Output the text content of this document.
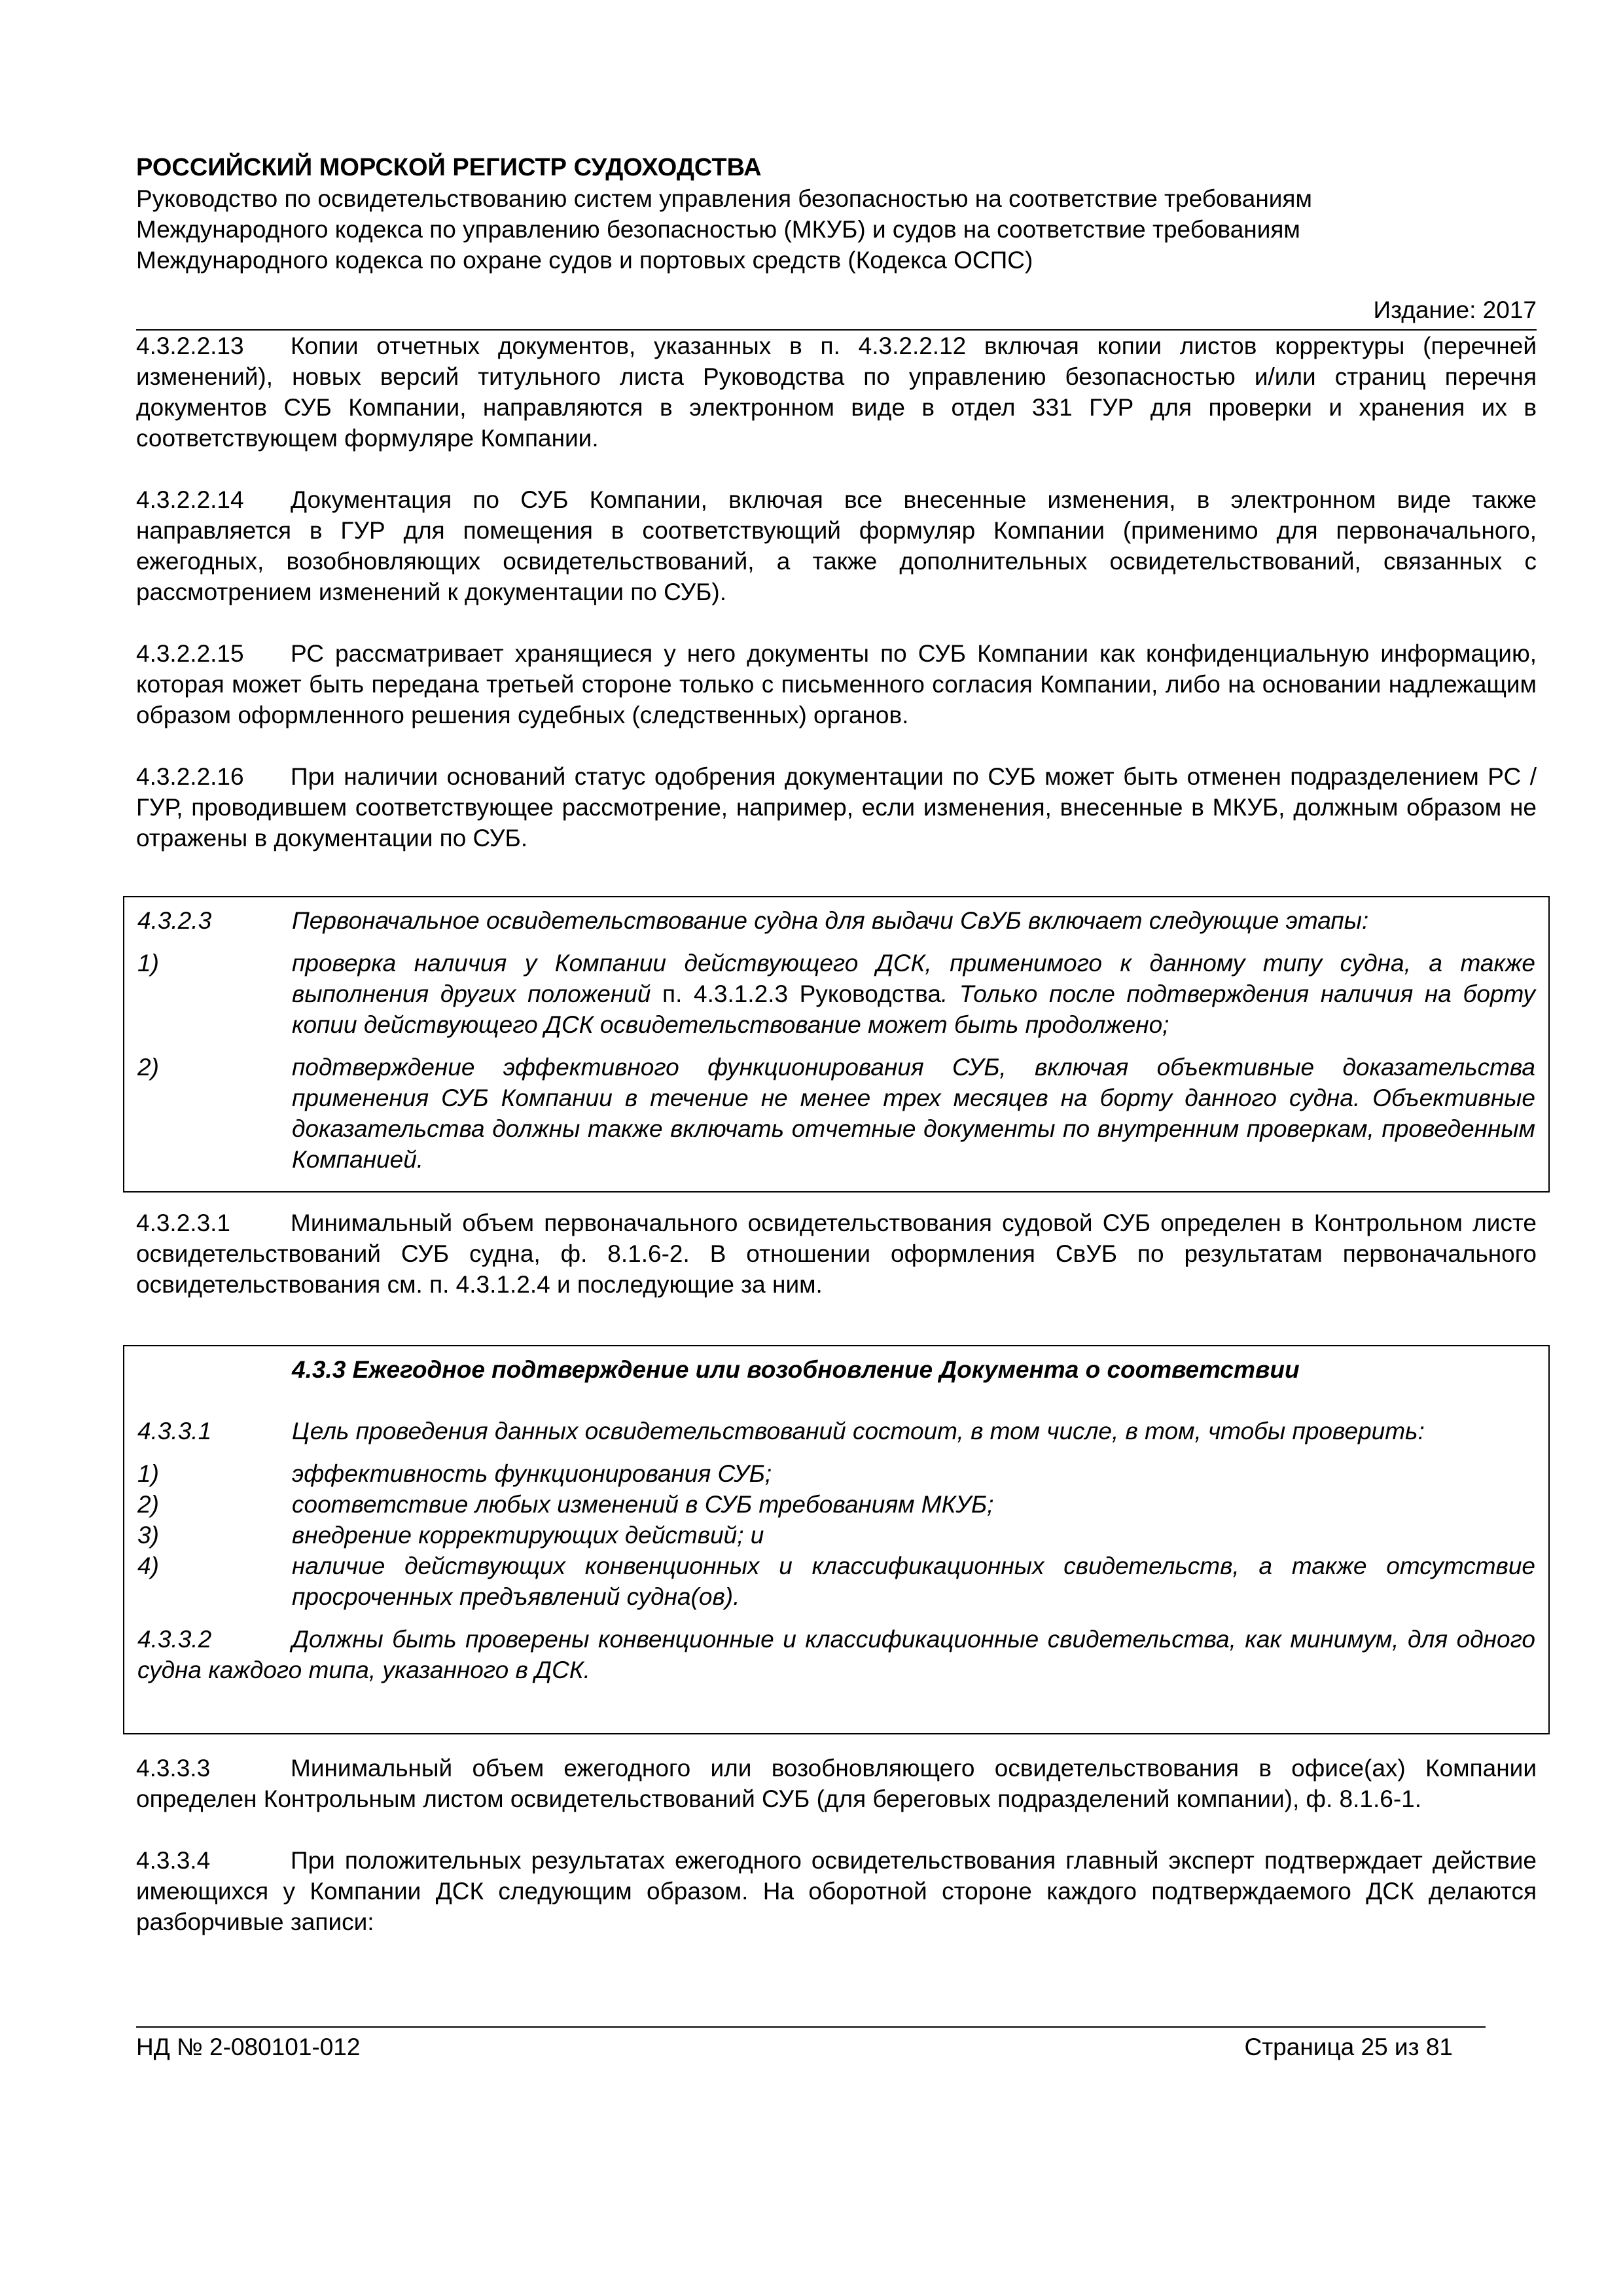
РОССИЙСКИЙ МОРСКОЙ РЕГИСТР СУДОХОДСТВА
Руководство по освидетельствованию систем управления безопасностью на соответствие требованиям
Международного кодекса по управлению безопасностью (МКУБ) и судов на соответствие требованиям
Международного кодекса по охране судов и портовых средств (Кодекса ОСПС)
Издание: 2017

4.3.2.2.13 Копии отчетных документов, указанных в п. 4.3.2.2.12 включая копии листов корректуры (перечней изменений), новых версий титульного листа Руководства по управлению безопасностью и/или страниц перечня документов СУБ Компании, направляются в электронном виде в отдел 331 ГУР для проверки и хранения их в соответствующем формуляре Компании.

4.3.2.2.14 Документация по СУБ Компании, включая все внесенные изменения, в электронном виде также направляется в ГУР для помещения в соответствующий формуляр Компании (применимо для первоначального, ежегодных, возобновляющих освидетельствований, а также дополнительных освидетельствований, связанных с рассмотрением изменений к документации по СУБ).

4.3.2.2.15 РС рассматривает хранящиеся у него документы по СУБ Компании как конфиденциальную информацию, которая может быть передана третьей стороне только с письменного согласия Компании, либо на основании надлежащим образом оформленного решения судебных (следственных) органов.

4.3.2.2.16 При наличии оснований статус одобрения документации по СУБ может быть отменен подразделением РС / ГУР, проводившем соответствующее рассмотрение, например, если изменения, внесенные в МКУБ, должным образом не отражены в документации по СУБ.

4.3.2.3	Первоначальное освидетельствование судна для выдачи СвУБ включает следующие этапы:

1)	проверка наличия у Компании действующего ДСК, применимого к данному типу судна, а также выполнения других положений п. 4.3.1.2.3 Руководства. Только после подтверждения наличия на борту копии действующего ДСК освидетельствование может быть продолжено;
2)	подтверждение эффективного функционирования СУБ, включая объективные доказательства применения СУБ Компании в течение не менее трех месяцев на борту данного судна. Объективные доказательства должны также включать отчетные документы по внутренним проверкам, проведенным Компанией.

4.3.2.3.1 Минимальный объем первоначального освидетельствования судовой СУБ определен в Контрольном листе освидетельствований СУБ судна, ф. 8.1.6-2. В отношении оформления СвУБ по результатам первоначального освидетельствования см. п. 4.3.1.2.4 и последующие за ним.

4.3.3 Ежегодное подтверждение или возобновление Документа о соответствии

4.3.3.1	Цель проведения данных освидетельствований состоит, в том числе, в том, чтобы проверить:

1)	эффективность функционирования СУБ;
2)	соответствие любых изменений в СУБ требованиям МКУБ;
3)	внедрение корректирующих действий; и
4)	наличие действующих конвенционных и классификационных свидетельств, а также отсутствие просроченных предъявлений судна(ов).

4.3.3.2	Должны быть проверены конвенционные и классификационные свидетельства, как минимум, для одного судна каждого типа, указанного в ДСК.

4.3.3.3	Минимальный объем ежегодного или возобновляющего освидетельствования в офисе(ах) Компании определен Контрольным листом освидетельствований СУБ (для береговых подразделений компании), ф. 8.1.6-1.

4.3.3.4	При положительных результатах ежегодного освидетельствования главный эксперт подтверждает действие имеющихся у Компании ДСК следующим образом. На оборотной стороне каждого подтверждаемого ДСК делаются разборчивые записи:

НД № 2-080101-012	Страница 25 из 81
